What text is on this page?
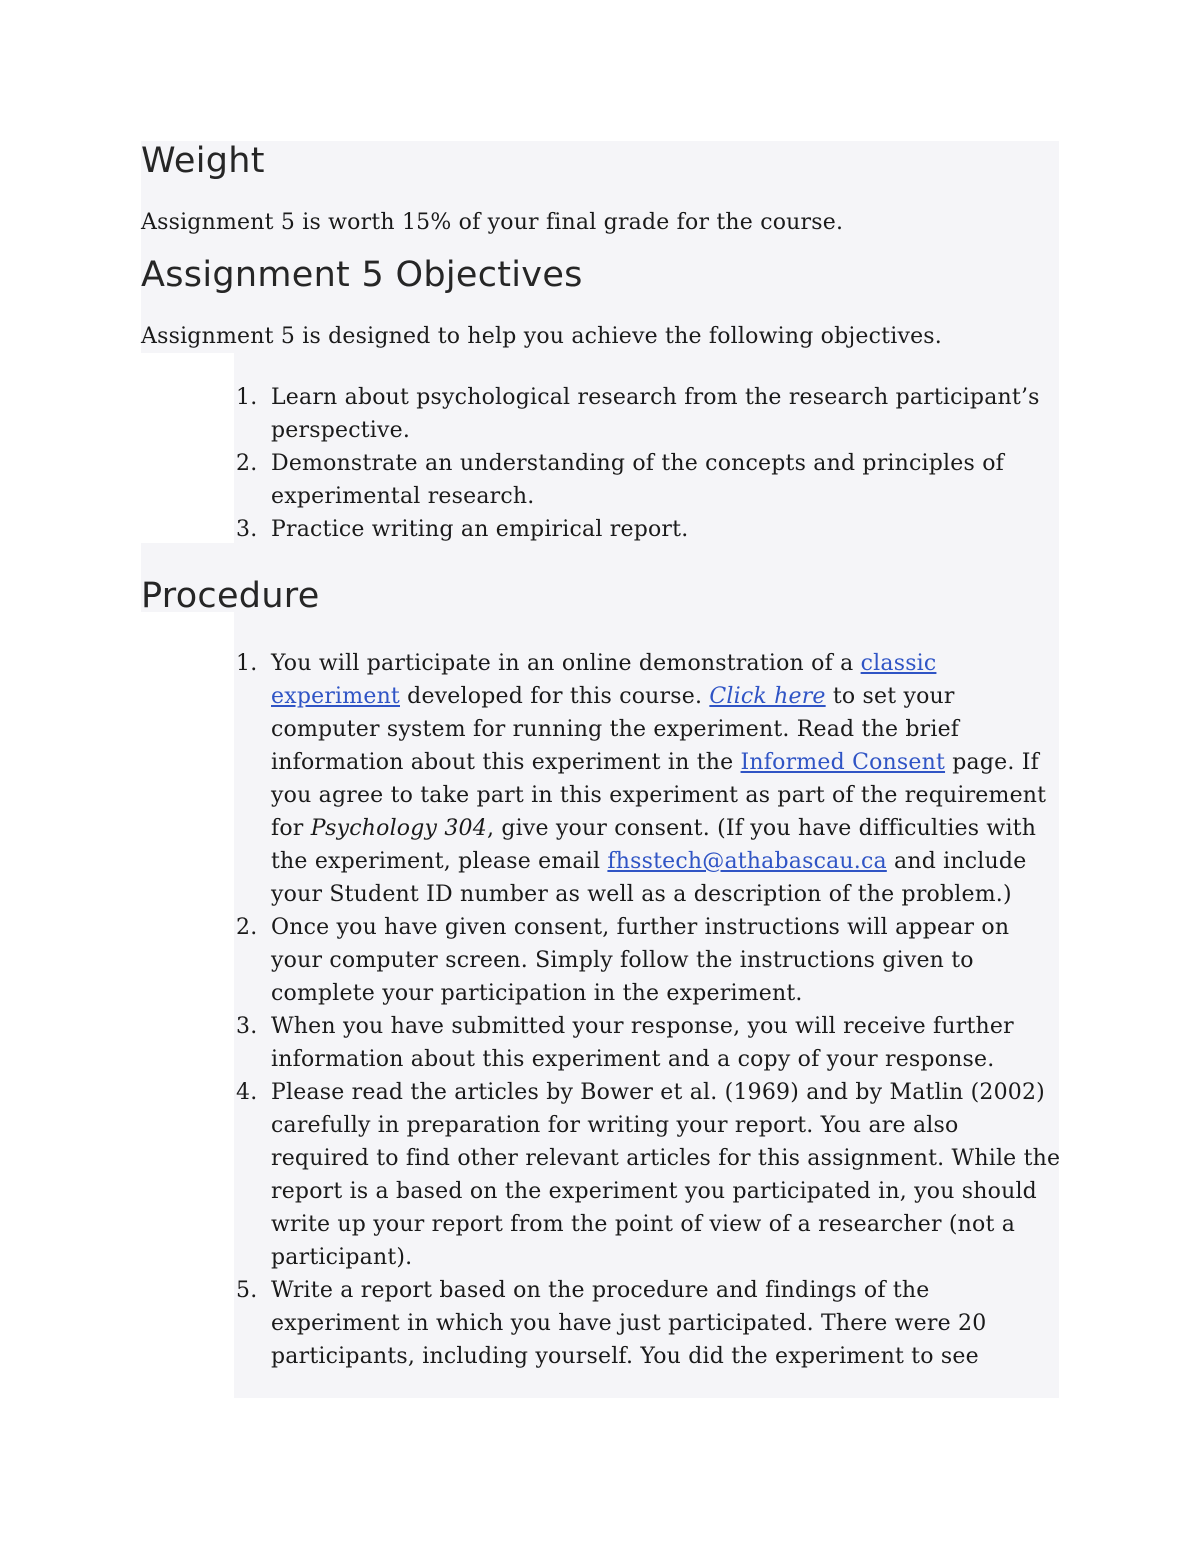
Weight

Assignment 5 is worth 15% of your final grade for the course.

Assignment 5 Objectives

Assignment 5 is designed to help you achieve the following objectives.

1. Learn about psychological research from the research participant’s perspective.
2. Demonstrate an understanding of the concepts and principles of experimental research.
3. Practice writing an empirical report.
Procedure
1. You will participate in an online demonstration of a classic experiment developed for this course. Click here to set your computer system for running the experiment. Read the brief information about this experiment in the Informed Consent page. If you agree to take part in this experiment as part of the requirement for Psychology 304, give your consent. (If you have difficulties with the experiment, please email fhsstech@athabascau.ca and include your Student ID number as well as a description of the problem.)
2. Once you have given consent, further instructions will appear on your computer screen. Simply follow the instructions given to complete your participation in the experiment.
3. When you have submitted your response, you will receive further information about this experiment and a copy of your response.
4. Please read the articles by Bower et al. (1969) and by Matlin (2002) carefully in preparation for writing your report. You are also required to find other relevant articles for this assignment. While the report is a based on the experiment you participated in, you should write up your report from the point of view of a researcher (not a participant).
5. Write a report based on the procedure and findings of the experiment in which you have just participated. There were 20 participants, including yourself. You did the experiment to see
